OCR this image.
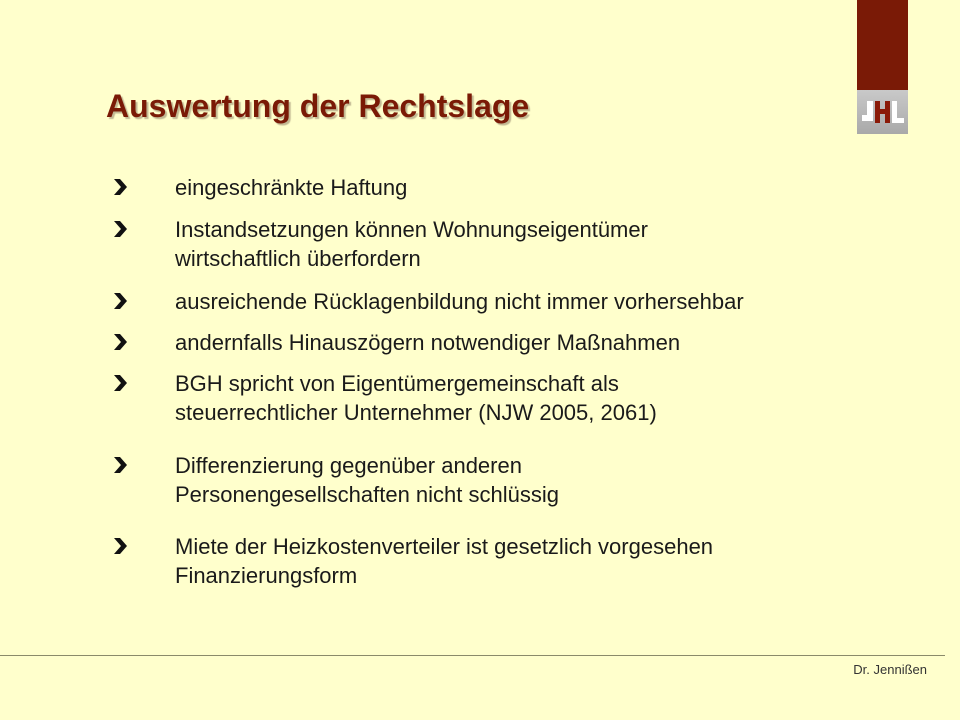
Auswertung der Rechtslage
eingeschränkte Haftung
Instandsetzungen können Wohnungseigentümer
wirtschaftlich überfordern
ausreichende Rücklagenbildung nicht immer vorhersehbar
andernfalls Hinauszögern notwendiger Maßnahmen
BGH spricht von Eigentümergemeinschaft als
steuerrechtlicher Unternehmer (NJW 2005, 2061)
Differenzierung gegenüber anderen
Personengesellschaften nicht schlüssig
Miete der Heizkostenverteiler ist gesetzlich vorgesehen
Finanzierungsform
Dr. Jennißen
